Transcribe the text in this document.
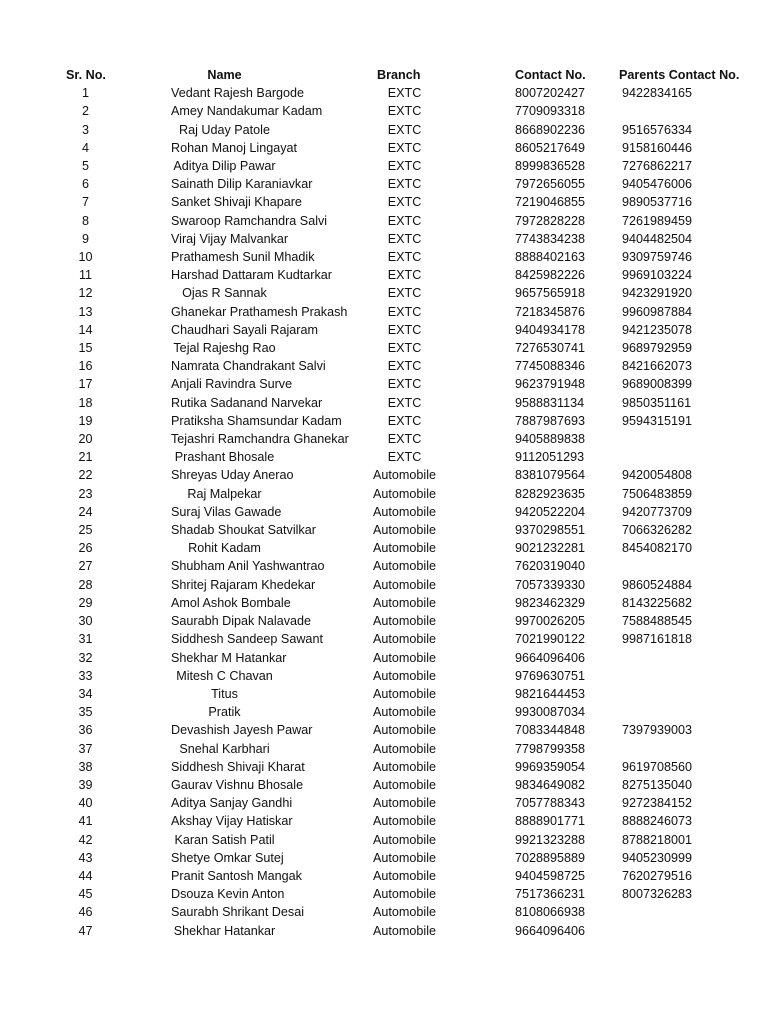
Sr. No.	Name	Branch	Contact No.	Parents Contact No.
1	Vedant Rajesh Bargode	EXTC	8007202427	9422834165
2	Amey Nandakumar Kadam	EXTC	7709093318	
3	Raj Uday Patole	EXTC	8668902236	9516576334
4	Rohan Manoj Lingayat	EXTC	8605217649	9158160446
5	Aditya Dilip Pawar	EXTC	8999836528	7276862217
6	Sainath Dilip Karaniavkar	EXTC	7972656055	9405476006
7	Sanket Shivaji Khapare	EXTC	7219046855	9890537716
8	Swaroop Ramchandra Salvi	EXTC	7972828228	7261989459
9	Viraj Vijay Malvankar	EXTC	7743834238	9404482504
10	Prathamesh Sunil Mhadik	EXTC	8888402163	9309759746
11	Harshad Dattaram Kudtarkar	EXTC	8425982226	9969103224
12	Ojas R Sannak	EXTC	9657565918	9423291920
13	Ghanekar Prathamesh Prakash	EXTC	7218345876	9960987884
14	Chaudhari Sayali Rajaram	EXTC	9404934178	9421235078
15	Tejal Rajeshg Rao	EXTC	7276530741	9689792959
16	Namrata Chandrakant Salvi	EXTC	7745088346	8421662073
17	Anjali Ravindra Surve	EXTC	9623791948	9689008399
18	Rutika Sadanand Narvekar	EXTC	9588831134	9850351161
19	Pratiksha Shamsundar Kadam	EXTC	7887987693	9594315191
20	Tejashri Ramchandra Ghanekar	EXTC	9405889838	
21	Prashant Bhosale	EXTC	9112051293	
22	Shreyas Uday Anerao	Automobile	8381079564	9420054808
23	Raj Malpekar	Automobile	8282923635	7506483859
24	Suraj Vilas Gawade	Automobile	9420522204	9420773709
25	Shadab Shoukat Satvilkar	Automobile	9370298551	7066326282
26	Rohit Kadam	Automobile	9021232281	8454082170
27	Shubham Anil Yashwantrao	Automobile	7620319040	
28	Shritej Rajaram Khedekar	Automobile	7057339330	9860524884
29	Amol Ashok Bombale	Automobile	9823462329	8143225682
30	Saurabh Dipak Nalavade	Automobile	9970026205	7588488545
31	Siddhesh Sandeep Sawant	Automobile	7021990122	9987161818
32	Shekhar M Hatankar	Automobile	9664096406	
33	Mitesh C Chavan	Automobile	9769630751	
34	Titus	Automobile	9821644453	
35	Pratik	Automobile	9930087034	
36	Devashish Jayesh Pawar	Automobile	7083344848	7397939003
37	Snehal Karbhari	Automobile	7798799358	
38	Siddhesh Shivaji Kharat	Automobile	9969359054	9619708560
39	Gaurav Vishnu Bhosale	Automobile	9834649082	8275135040
40	Aditya Sanjay Gandhi	Automobile	7057788343	9272384152
41	Akshay Vijay Hatiskar	Automobile	8888901771	8888246073
42	Karan Satish Patil	Automobile	9921323288	8788218001
43	Shetye Omkar Sutej	Automobile	7028895889	9405230999
44	Pranit Santosh Mangak	Automobile	9404598725	7620279516
45	Dsouza Kevin Anton	Automobile	7517366231	8007326283
46	Saurabh Shrikant Desai	Automobile	8108066938	
47	Shekhar Hatankar	Automobile	9664096406	
